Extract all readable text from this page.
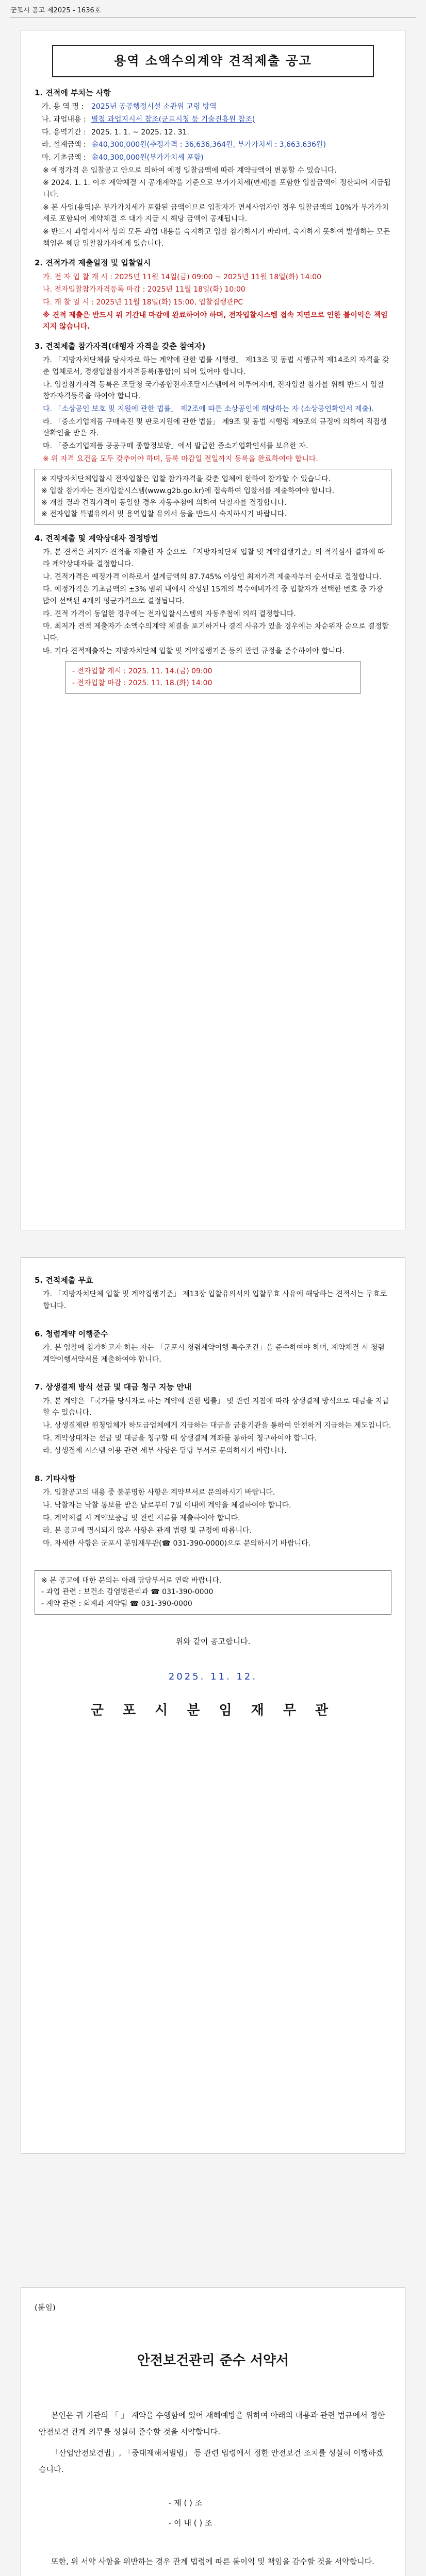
군포시 공고 제2025 - 1636호
용역 소액수의계약 견적제출 공고
1. 견적에 부치는 사항
가. 용 역 명 : 2025년 공공행정시설 소관위 고령 방역
나. 과업내용 : 별첨 과업지시서 참조(군포시청 등 기술진흥원 참조)
다. 용역기간 : 2025. 1. 1. ~ 2025. 12. 31.
라. 설계금액 : 金40,300,000원(추정가격 : 36,636,364원, 부가가치세 : 3,663,636원)
마. 기초금액 : 金40,300,000원(부가가치세 포함)
※ 예정가격 은 입찰공고 안으로 의하여 예정 입찰금액에 따라 계약금액이 변동할 수 있습니다.
※ 2024. 1. 1. 이후 계약체결 시 공개계약을 기준으로 부가가치세(면세)를 포함한 입찰금액이 정산되어 지급됩니다.
※ 본 사업(용역)은 부가가치세가 포함된 금액이므로 입찰자가 면세사업자인 경우 입찰금액의 10%가 부가가치세로 포함되어 계약체결 후 대가 지급 시 해당 금액이 공제됩니다.
※ 반드시 과업지시서 상의 모든 과업 내용을 숙지하고 입찰 참가하시기 바라며, 숙지하지 못하여 발생하는 모든 책임은 해당 입찰참가자에게 있습니다.
2. 견적가격 제출일정 및 입찰일시
가. 전 자 입 찰 개 시 : 2025년 11월 14일(금) 09:00 ~ 2025년 11월 18일(화) 14:00
나. 전자입찰참가자격등록 마감 : 2025년 11월 18일(화) 10:00
다. 개 찰 일 시 : 2025년 11월 18일(화) 15:00, 입찰집행관PC
※ 견적 제출은 반드시 위 기간내 마감에 완료하여야 하며, 전자입찰시스템 접속 지연으로 인한 불이익은 책임지지 않습니다.
3. 견적제출 참가자격(대행자 자격을 갖춘 참여자)
가. 「지방자치단체를 당사자로 하는 계약에 관한 법률 시행령」 제13조 및 동법 시행규칙 제14조의 자격을 갖춘 업체로서, 경쟁입찰참가자격등록(통합)이 되어 있어야 합니다.
나. 입찰참가자격 등록은 조달청 국가종합전자조달시스템에서 이루어지며, 전자입찰 참가를 위해 반드시 입찰 참가자격등록을 하여야 합니다.
다. 「소상공인 보호 및 지원에 관한 법률」 제2조에 따른 소상공인에 해당하는 자 (소상공인확인서 제출).
라. 「중소기업제품 구매촉진 및 판로지원에 관한 법률」 제9조 및 동법 시행령 제9조의 규정에 의하여 직접생산확인을 받은 자.
마. 「중소기업제품 공공구매 종합정보망」에서 발급한 중소기업확인서를 보유한 자.
※ 위 자격 요건을 모두 갖추어야 하며, 등록 마감일 전일까지 등록을 완료하여야 합니다.
※ 지방자치단체입찰시 전자입찰은 입찰 참가자격을 갖춘 업체에 한하여 참가할 수 있습니다.
※ 입찰 참가자는 전자입찰시스템(www.g2b.go.kr)에 접속하여 입찰서를 제출하여야 합니다.
※ 개찰 결과 견적가격이 동일할 경우 자동추첨에 의하여 낙찰자를 결정합니다.
※ 전자입찰 특별유의서 및 용역입찰 유의서 등을 반드시 숙지하시기 바랍니다.
4. 견적제출 및 계약상대자 결정방법
가. 본 견적은 최저가 견적을 제출한 자 순으로 「지방자치단체 입찰 및 계약집행기준」의 적격심사 결과에 따라 계약상대자를 결정합니다.
나. 견적가격은 예정가격 이하로서 설계금액의 87.745% 이상인 최저가격 제출자부터 순서대로 결정합니다.
다. 예정가격은 기초금액의 ±3% 범위 내에서 작성된 15개의 복수예비가격 중 입찰자가 선택한 번호 중 가장 많이 선택된 4개의 평균가격으로 결정됩니다.
라. 견적 가격이 동일한 경우에는 전자입찰시스템의 자동추첨에 의해 결정합니다.
마. 최저가 견적 제출자가 소액수의계약 체결을 포기하거나 결격 사유가 있을 경우에는 차순위자 순으로 결정합니다.
바. 기타 견적제출자는 지방자치단체 입찰 및 계약집행기준 등의 관련 규정을 준수하여야 합니다.
- 전자입찰 개시 : 2025. 11. 14.(금) 09:00
- 전자입찰 마감 : 2025. 11. 18.(화) 14:00
5. 견적제출 무효
가. 「지방자치단체 입찰 및 계약집행기준」 제13장 입찰유의서의 입찰무효 사유에 해당하는 견적서는 무효로 합니다.
6. 청렴계약 이행준수
가. 본 입찰에 참가하고자 하는 자는 「군포시 청렴계약이행 특수조건」을 준수하여야 하며, 계약체결 시 청렴계약이행서약서를 제출하여야 합니다.
7. 상생결제 방식 선금 및 대금 청구 지능 안내
가. 본 계약은 「국가를 당사자로 하는 계약에 관한 법률」 및 관련 지침에 따라 상생결제 방식으로 대금을 지급할 수 있습니다.
나. 상생결제란 원청업체가 하도급업체에게 지급하는 대금을 금융기관을 통하여 안전하게 지급하는 제도입니다.
다. 계약상대자는 선금 및 대금을 청구할 때 상생결제 계좌를 통하여 청구하여야 합니다.
라. 상생결제 시스템 이용 관련 세부 사항은 담당 부서로 문의하시기 바랍니다.
8. 기타사항
가. 입찰공고의 내용 중 불분명한 사항은 계약부서로 문의하시기 바랍니다.
나. 낙찰자는 낙찰 통보를 받은 날로부터 7일 이내에 계약을 체결하여야 합니다.
다. 계약체결 시 계약보증금 및 관련 서류를 제출하여야 합니다.
라. 본 공고에 명시되지 않은 사항은 관계 법령 및 규정에 따릅니다.
마. 자세한 사항은 군포시 분임재무관(☎ 031-390-0000)으로 문의하시기 바랍니다.
※ 본 공고에 대한 문의는 아래 담당부서로 연락 바랍니다.
- 과업 관련 : 보건소 감염병관리과 ☎ 031-390-0000
- 계약 관련 : 회계과 계약팀 ☎ 031-390-0000
위와 같이 공고합니다.
2025. 11. 12.
군 포 시 분 임 재 무 관
(붙임)
안전보건관리 준수 서약서
본인은 귀 기관의 「 」 계약을 수행함에 있어 재해예방을 위하여 아래의 내용과 관련 법규에서 정한 안전보건 관계 의무를 성실히 준수할 것을 서약합니다.
「산업안전보건법」, 「중대재해처벌법」 등 관련 법령에서 정한 안전보건 조치를 성실히 이행하겠습니다.
- 제 ( ) 조
- 이 내 ( ) 조
또한, 위 서약 사항을 위반하는 경우 관계 법령에 따른 불이익 및 책임을 감수할 것을 서약합니다.
